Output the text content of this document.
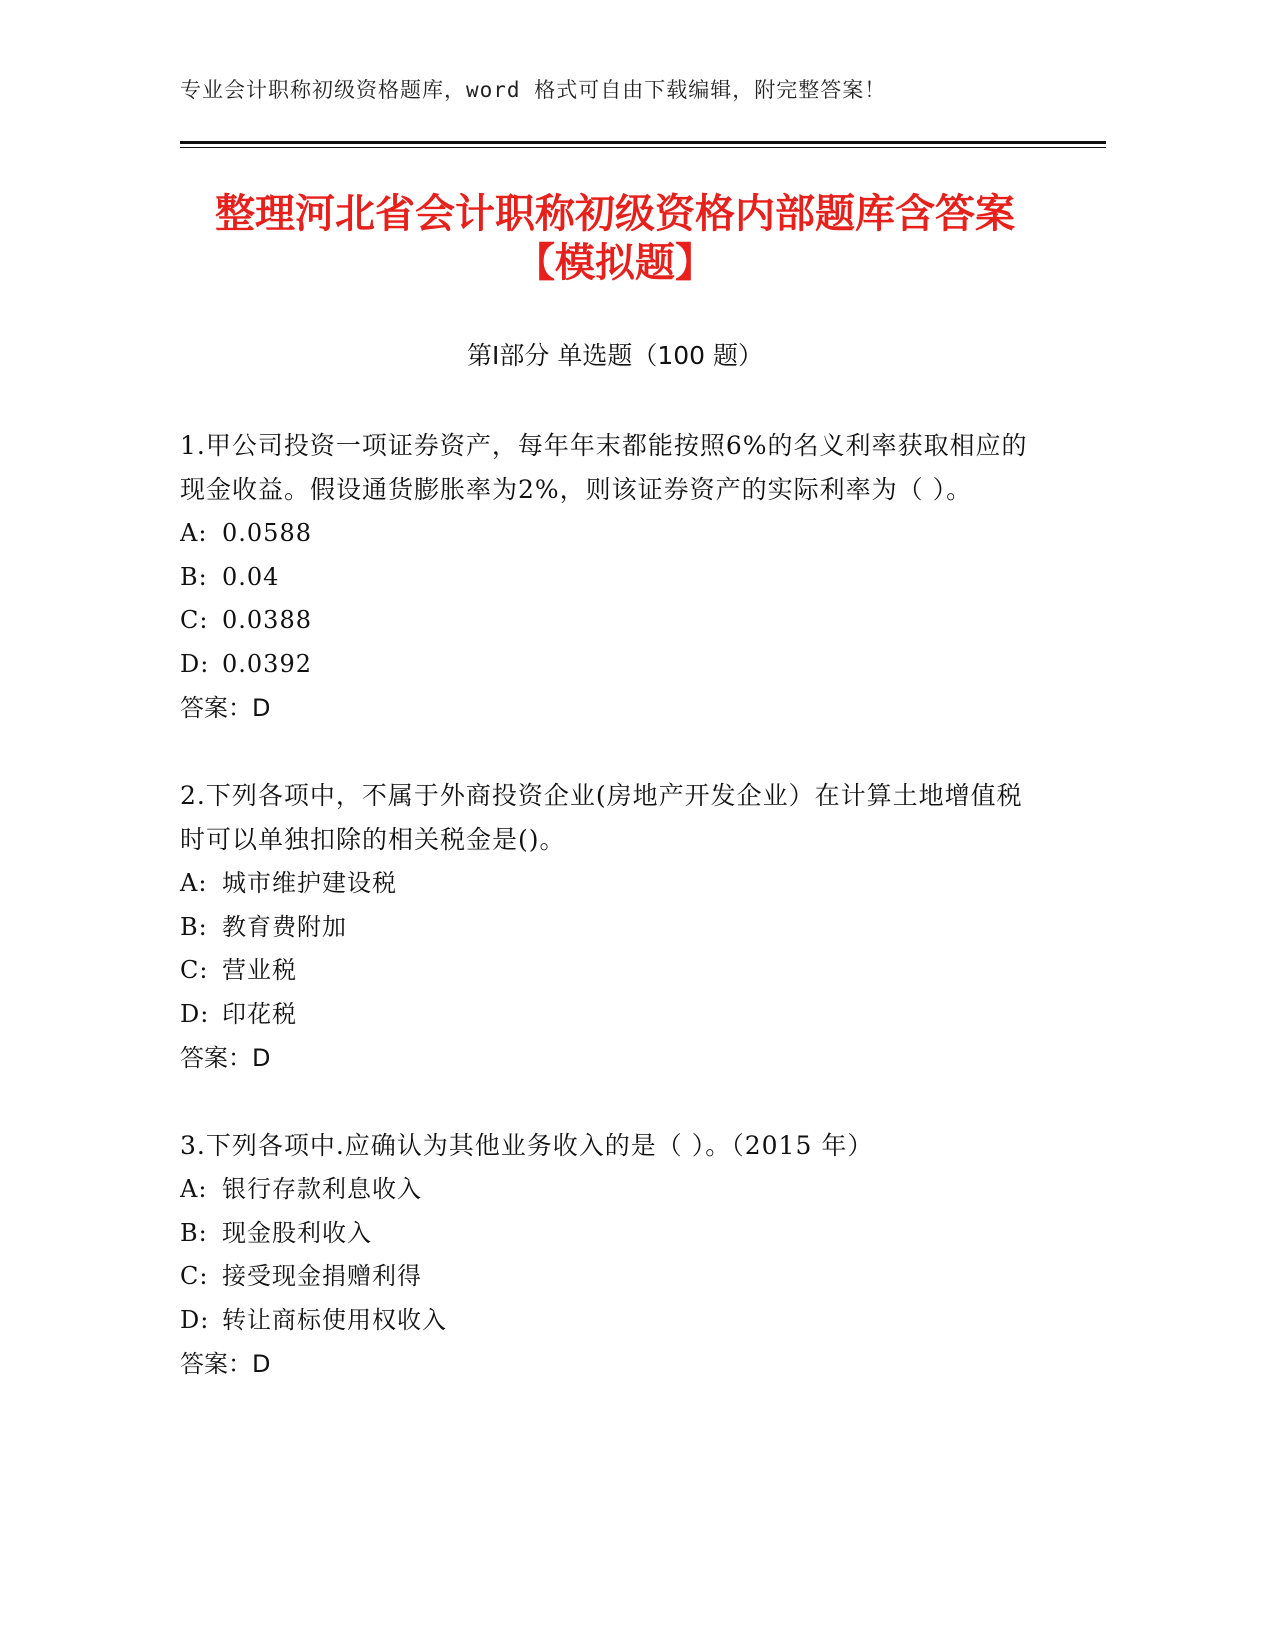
专业会计职称初级资格题库，word 格式可自由下载编辑，附完整答案！
整理河北省会计职称初级资格内部题库含答案【模拟题】
第Ⅰ部分 单选题（100 题）

1.甲公司投资一项证券资产，每年年末都能按照6%的名义利率获取相应的现金收益。假设通货膨胀率为2%，则该证券资产的实际利率为（ ）。

A: 0.0588
B: 0.04
C: 0.0388
D: 0.0392
答案：D

2.下列各项中，不属于外商投资企业(房地产开发企业）在计算土地增值税时可以单独扣除的相关税金是()。

A: 城市维护建设税
B: 教育费附加
C: 营业税
D: 印花税
答案：D

3.下列各项中.应确认为其他业务收入的是（ ）。（2015 年）

A: 银行存款利息收入
B: 现金股利收入
C: 接受现金捐赠利得
D: 转让商标使用权收入
答案：D
